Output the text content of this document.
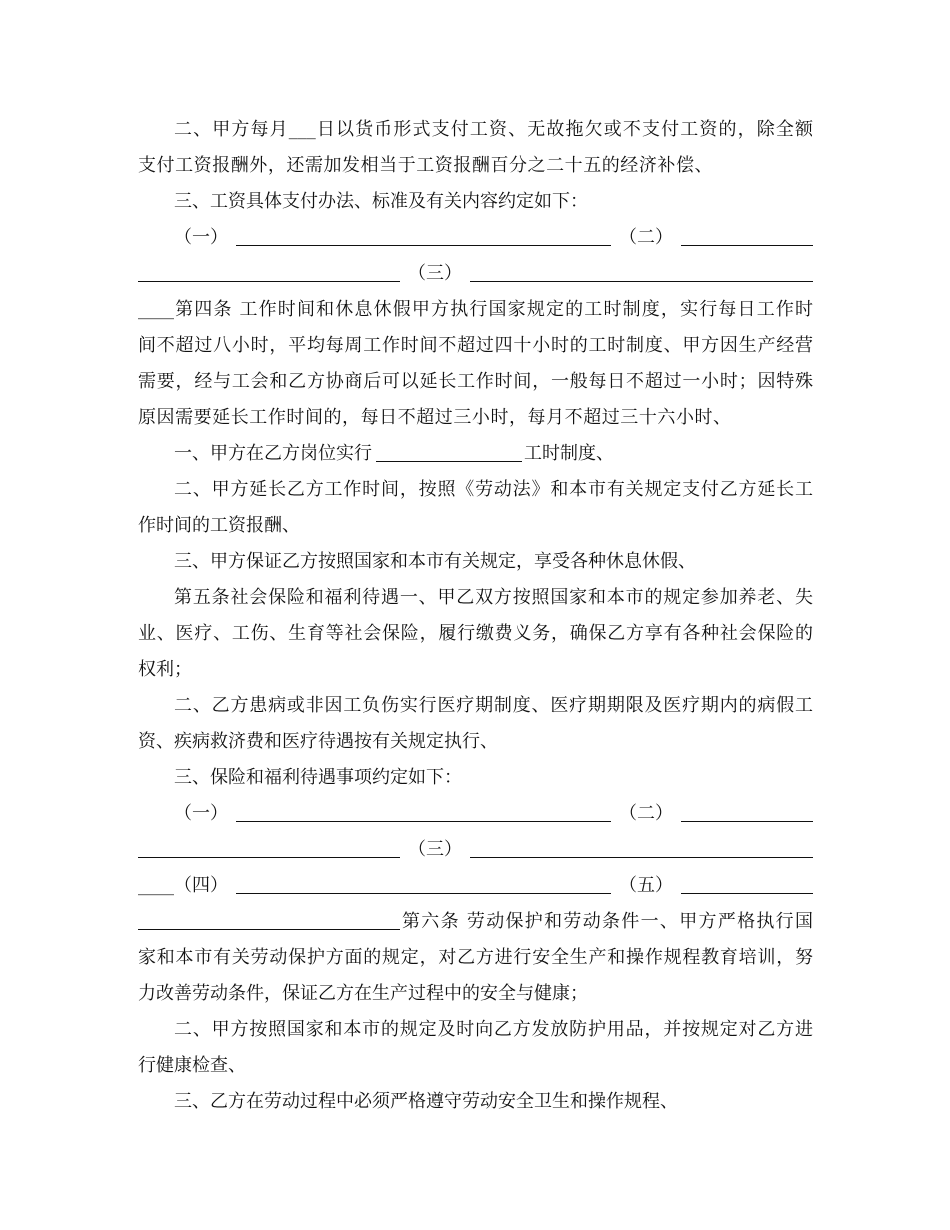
二、甲方每月___日以货币形式支付工资、无故拖欠或不支付工资的，除全额
支付工资报酬外，还需加发相当于工资报酬百分之二十五的经济补偿、
三、工资具体支付办法、标准及有关内容约定如下：
（一）	（二）
（三）
____第四条 工作时间和休息休假甲方执行国家规定的工时制度，实行每日工作时
间不超过八小时，平均每周工作时间不超过四十小时的工时制度、甲方因生产经营
需要，经与工会和乙方协商后可以延长工作时间，一般每日不超过一小时；因特殊
原因需要延长工作时间的，每日不超过三小时，每月不超过三十六小时、
一、甲方在乙方岗位实行	工时制度、
二、甲方延长乙方工作时间，按照《劳动法》和本市有关规定支付乙方延长工
作时间的工资报酬、
三、甲方保证乙方按照国家和本市有关规定，享受各种休息休假、
第五条社会保险和福利待遇一、甲乙双方按照国家和本市的规定参加养老、失
业、医疗、工伤、生育等社会保险，履行缴费义务，确保乙方享有各种社会保险的
权利；
二、乙方患病或非因工负伤实行医疗期制度、医疗期期限及医疗期内的病假工
资、疾病救济费和医疗待遇按有关规定执行、
三、保险和福利待遇事项约定如下：
（一）	（二）
（三）
____（四）	（五）
第六条 劳动保护和劳动条件一、甲方严格执行国
家和本市有关劳动保护方面的规定，对乙方进行安全生产和操作规程教育培训，努
力改善劳动条件，保证乙方在生产过程中的安全与健康；
二、甲方按照国家和本市的规定及时向乙方发放防护用品，并按规定对乙方进
行健康检查、
三、乙方在劳动过程中必须严格遵守劳动安全卫生和操作规程、
